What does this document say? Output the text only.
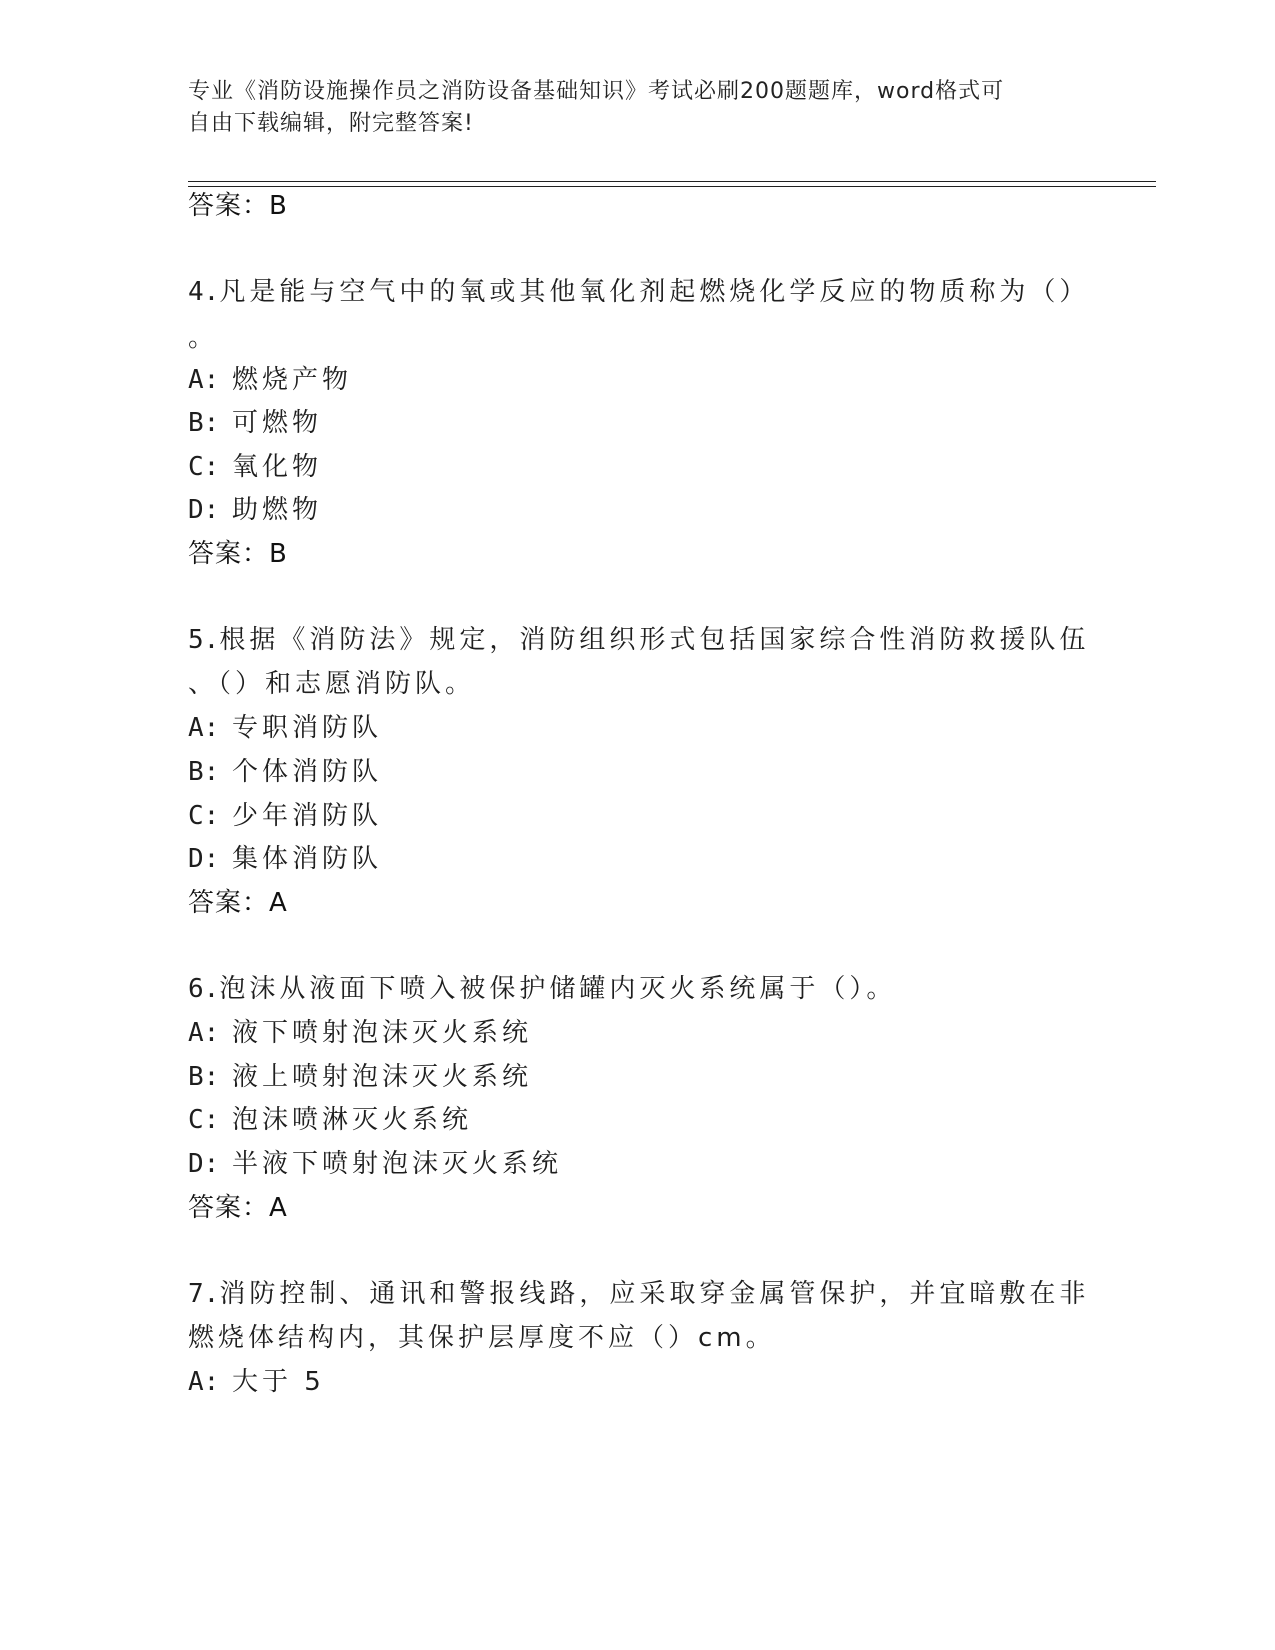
专业《消防设施操作员之消防设备基础知识》考试必刷200题题库，word格式可
自由下载编辑，附完整答案!
答案：B
4.凡是能与空气中的氧或其他氧化剂起燃烧化学反应的物质称为（）
。
A: 燃烧产物
B: 可燃物
C: 氧化物
D: 助燃物
答案：B
5.根据《消防法》规定，消防组织形式包括国家综合性消防救援队伍
、（）和志愿消防队。
A: 专职消防队
B: 个体消防队
C: 少年消防队
D: 集体消防队
答案：A
6.泡沫从液面下喷入被保护储罐内灭火系统属于（）。
A: 液下喷射泡沫灭火系统
B: 液上喷射泡沫灭火系统
C: 泡沫喷淋灭火系统
D: 半液下喷射泡沫灭火系统
答案：A
7.消防控制、通讯和警报线路，应采取穿金属管保护，并宜暗敷在非
燃烧体结构内，其保护层厚度不应（）cm。
A: 大于 5
